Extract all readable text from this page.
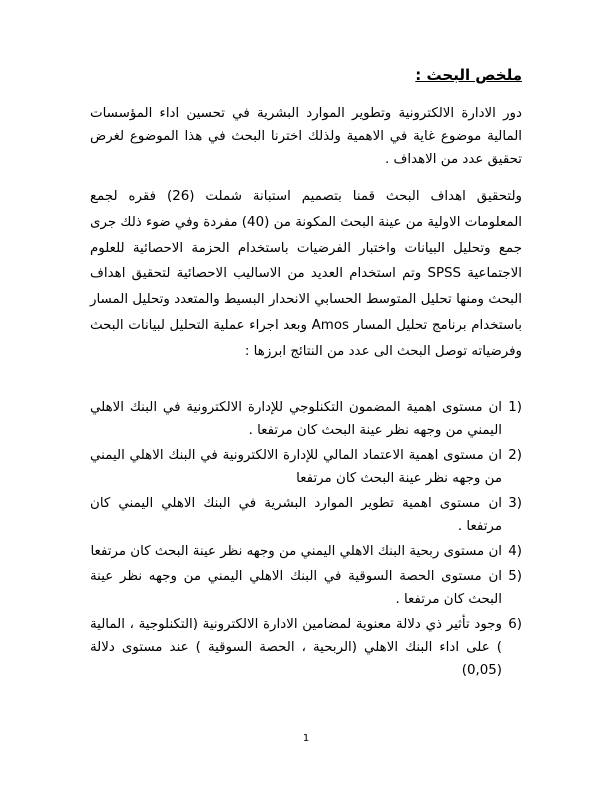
ملخص البحث :

دور الادارة الالكترونية وتطوير الموارد البشرية في تحسين اداء المؤسسات المالية موضوع غاية في الاهمية ولذلك اخترنا البحث في هذا الموضوع لغرض تحقيق عدد من الاهداف .

ولتحقيق اهداف البحث قمنا بتصميم استبانة شملت (26) فقره لجمع المعلومات الاولية من عينة البحث المكونة من (40) مفردة وفي ضوء ذلك جرى جمع وتحليل البيانات واختبار الفرضيات باستخدام الحزمة الاحصائية للعلوم الاجتماعية SPSS وتم استخدام العديد من الاساليب الاحصائية لتحقيق اهداف البحث ومنها تحليل المتوسط الحسابي الانحدار البسيط والمتعدد وتحليل المسار باستخدام برنامج تحليل المسار Amos وبعد اجراء عملية التحليل لبيانات البحث وفرضياته توصل البحث الى عدد من النتائج ابرزها :

1)
ان مستوى اهمية المضمون التكنلوجي للإدارة الالكترونية في البنك الاهلي اليمني من وجهه نظر عينة البحث كان مرتفعا .
2)
ان مستوى اهمية الاعتماد المالي للإدارة الالكترونية في البنك الاهلي اليمني من وجهه نظر عينة البحث كان مرتفعا
3)
ان مستوى اهمية تطوير الموارد البشرية في البنك الاهلي اليمني كان مرتفعا .
4)
ان مستوى ربحية البنك الاهلي اليمني من وجهه نظر عينة البحث كان مرتفعا
5)
ان مستوى الحصة السوقية في البنك الاهلي اليمني من وجهه نظر عينة البحث كان مرتفعا .
6)
وجود تأثير ذي دلالة معنوية لمضامين الادارة الالكترونية (التكنلوجية ، المالية ) على اداء البنك الاهلي (الربحية ، الحصة السوقية ) عند مستوى دلالة (0,05)
1
